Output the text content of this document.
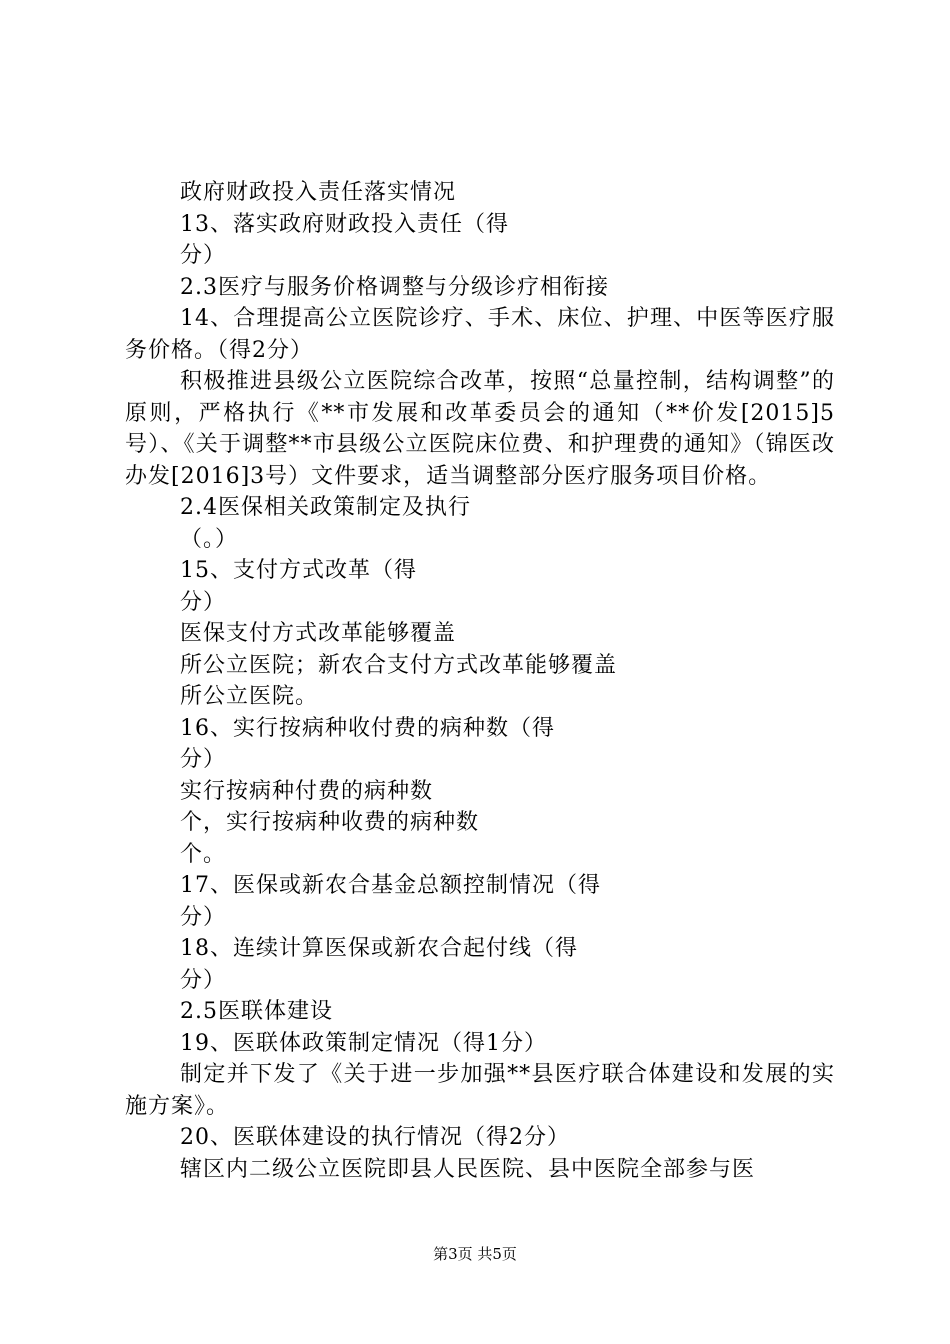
政府财政投入责任落实情况
13、落实政府财政投入责任（得
分）
2.3医疗与服务价格调整与分级诊疗相衔接
14、合理提高公立医院诊疗、手术、床位、护理、中医等医疗服务价格。（得2分）
积极推进县级公立医院综合改革，按照“总量控制，结构调整”的原则，严格执行《**市发展和改革委员会的通知（**价发[2015]5号）、《关于调整**市县级公立医院床位费、和护理费的通知》（锦医改办发[2016]3号）文件要求，适当调整部分医疗服务项目价格。
2.4医保相关政策制定及执行
（。）
15、支付方式改革（得
分）
医保支付方式改革能够覆盖
所公立医院；新农合支付方式改革能够覆盖
所公立医院。
16、实行按病种收付费的病种数（得
分）
实行按病种付费的病种数
个，实行按病种收费的病种数
个。
17、医保或新农合基金总额控制情况（得
分）
18、连续计算医保或新农合起付线（得
分）
2.5医联体建设
19、医联体政策制定情况（得1分）
制定并下发了《关于进一步加强**县医疗联合体建设和发展的实施方案》。
20、医联体建设的执行情况（得2分）
辖区内二级公立医院即县人民医院、县中医院全部参与医
第3页 共5页
